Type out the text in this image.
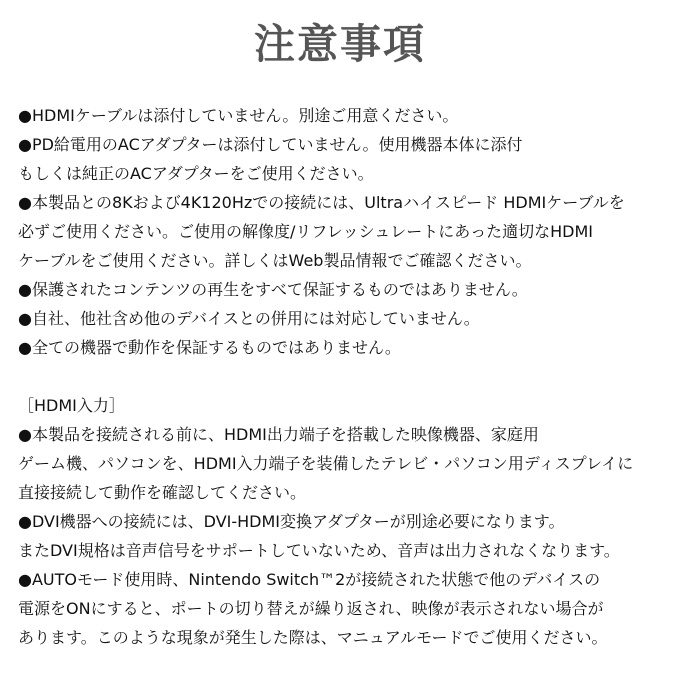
注意事項
●HDMIケーブルは添付していません。別途ご用意ください。
●PD給電用のACアダプターは添付していません。使用機器本体に添付
もしくは純正のACアダプターをご使用ください。
●本製品との8Kおよび4K120Hzでの接続には、Ultraハイスピード HDMIケーブルを
必ずご使用ください。ご使用の解像度/リフレッシュレートにあった適切なHDMI
ケーブルをご使用ください。詳しくはWeb製品情報でご確認ください。
●保護されたコンテンツの再生をすべて保証するものではありません。
●自社、他社含め他のデバイスとの併用には対応していません。
●全ての機器で動作を保証するものではありません。
［HDMI入力］
●本製品を接続される前に、HDMI出力端子を搭載した映像機器、家庭用
ゲーム機、パソコンを、HDMI入力端子を装備したテレビ・パソコン用ディスプレイに
直接接続して動作を確認してください。
●DVI機器への接続には、DVI-HDMI変換アダプターが別途必要になります。
またDVI規格は音声信号をサポートしていないため、音声は出力されなくなります。
●AUTOモード使用時、Nintendo Switch™2が接続された状態で他のデバイスの
電源をONにすると、ポートの切り替えが繰り返され、映像が表示されない場合が
あります。このような現象が発生した際は、マニュアルモードでご使用ください。
